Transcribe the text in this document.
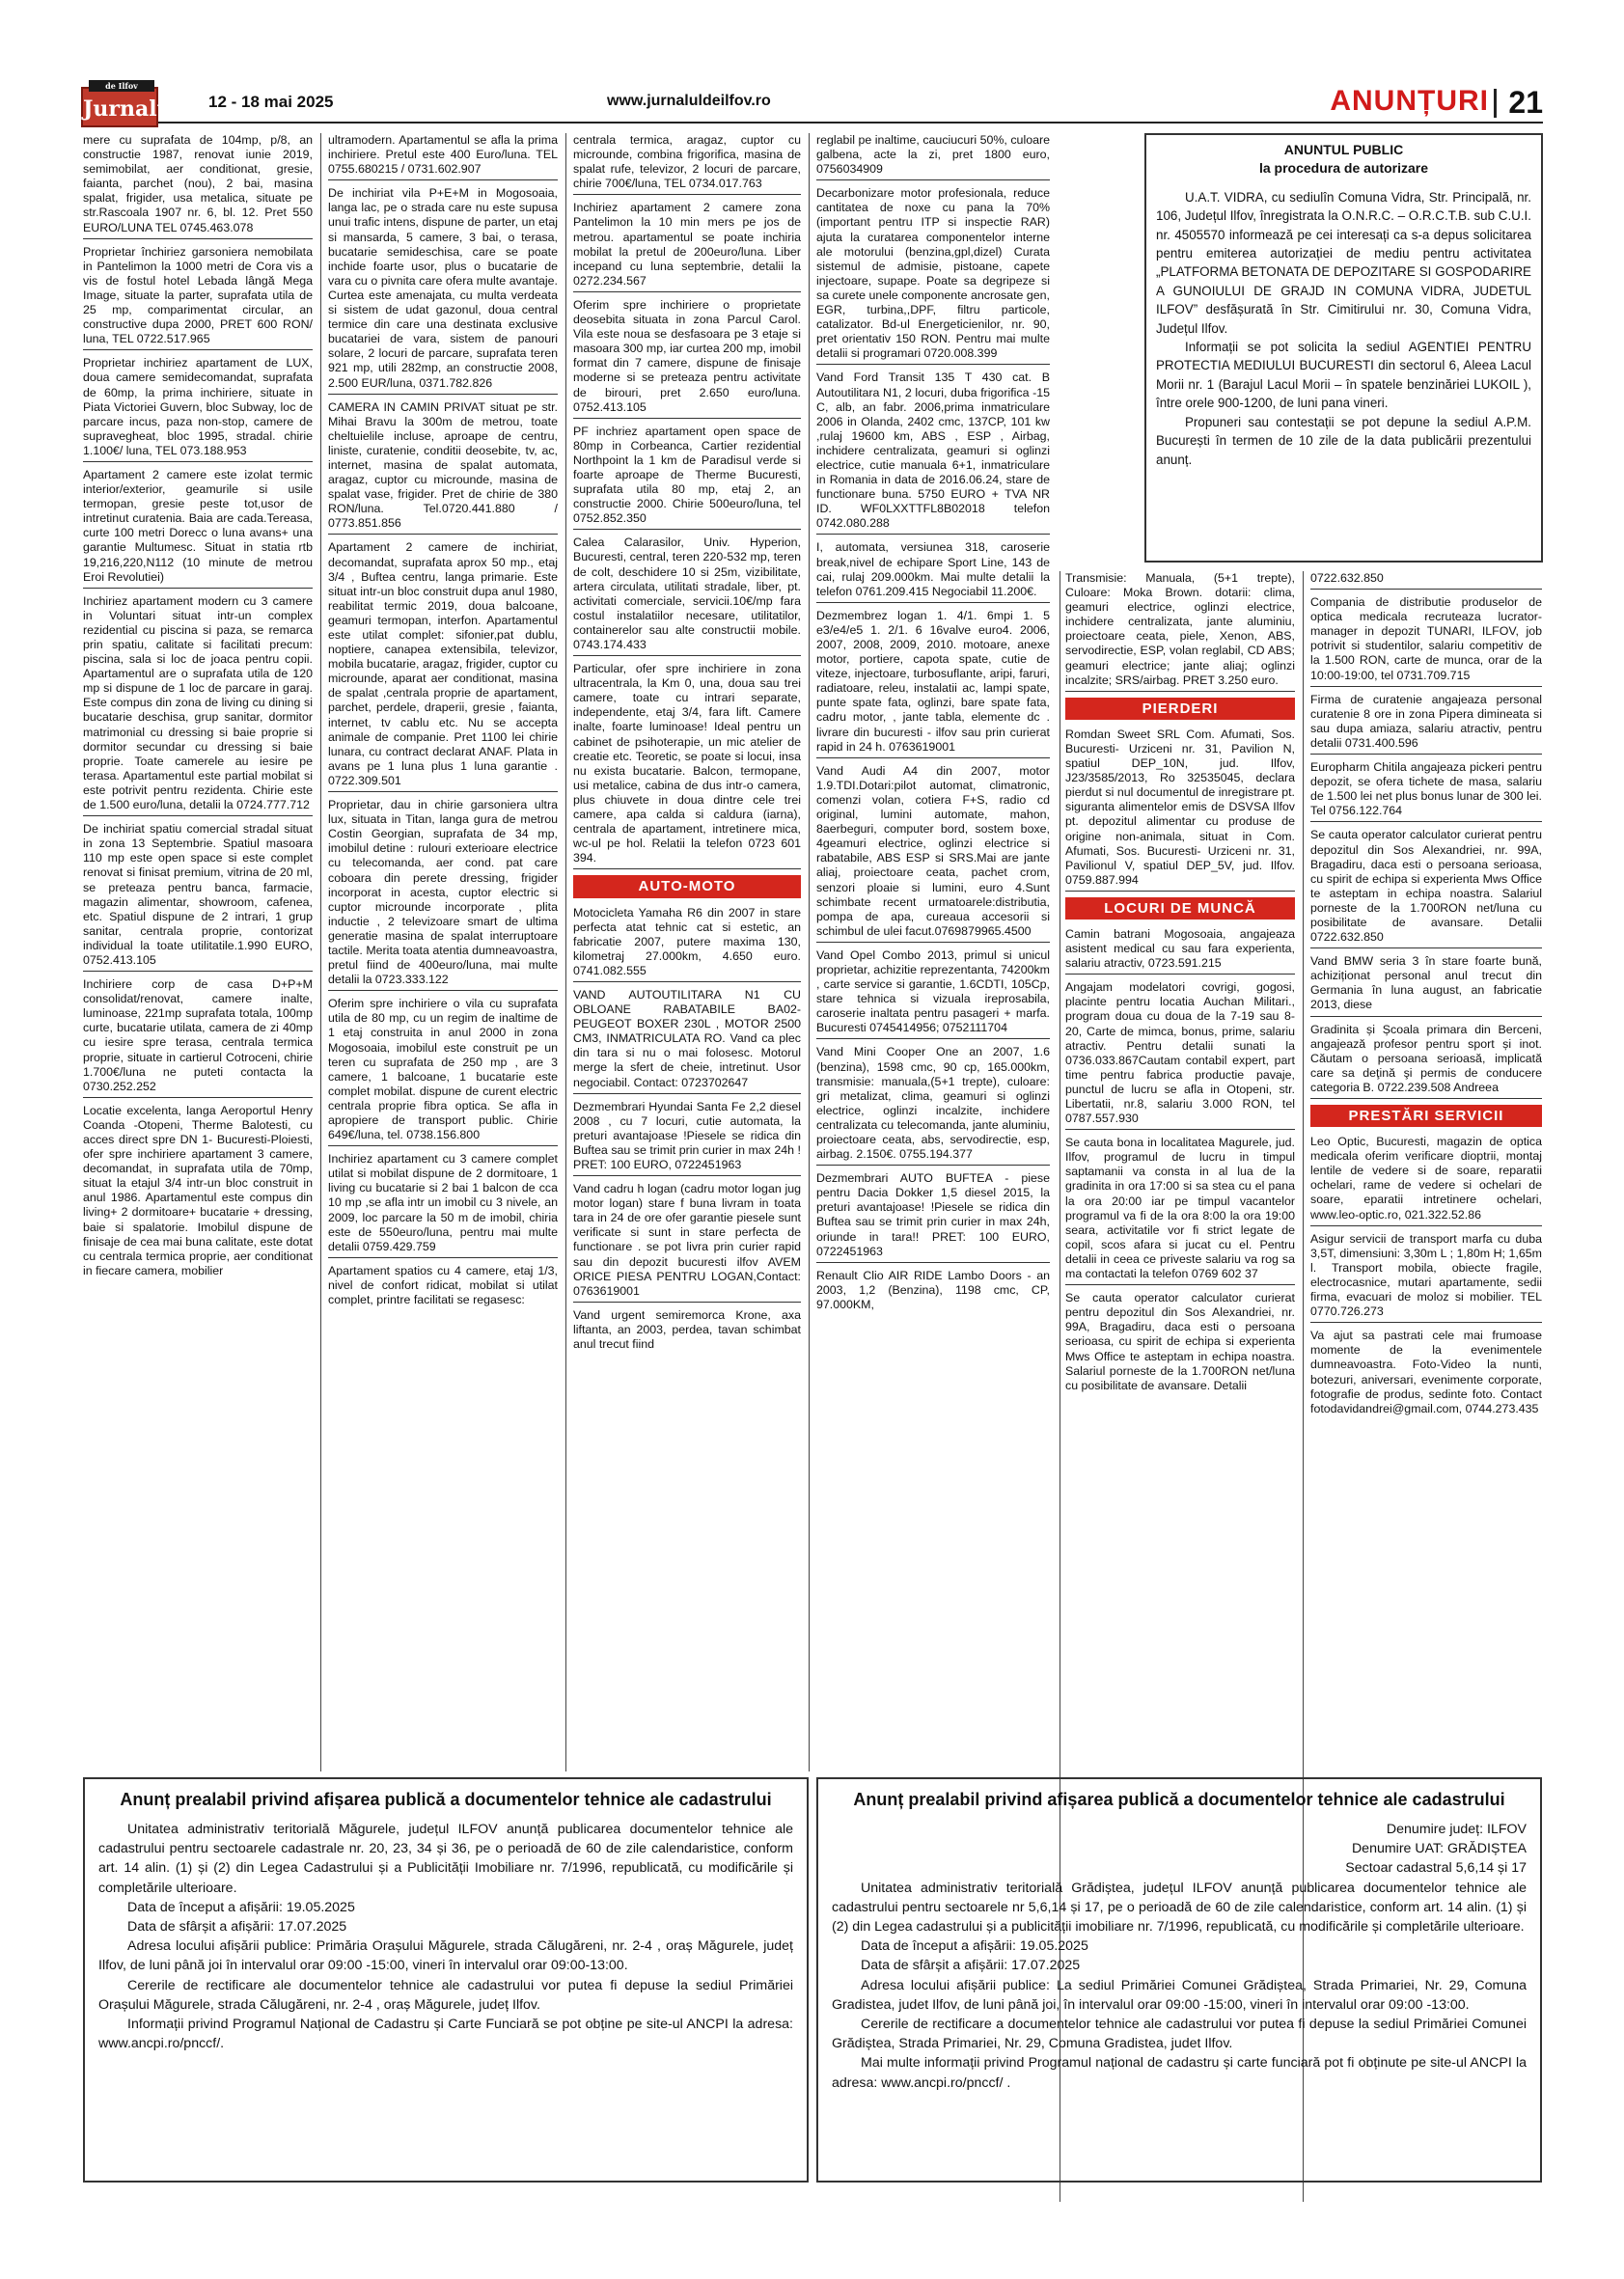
de Ilfov
Jurnalul 12 - 18 mai 2025	www.jurnaluldeilfov.ro	ANUNȚURI 21
mere cu suprafata de 104mp, p/8, an constructie 1987, renovat iunie 2019, semimobilat, aer conditionat, gresie, faianta, parchet (nou), 2 bai, masina spalat, frigider, usa metalica, situate pe str.Rascoala 1907 nr. 6, bl. 12. Pret 550 EURO/LUNA TEL 0745.463.078
Proprietar închiriez garsoniera nemobilata in Pantelimon la 1000 metri de Cora vis a vis de fostul hotel Lebada lângă Mega Image, situate la parter, suprafata utila de 25 mp, comparimentat circular, an constructive dupa 2000, PRET 600 RON/ luna, TEL 0722.517.965
Proprietar inchiriez apartament de LUX, doua camere semidecomandat, suprafata de 60mp, la prima inchiriere, situate in Piata Victoriei Guvern, bloc Subway, loc de parcare incus, paza non-stop, camere de supravegheat, bloc 1995, stradal. chirie 1.100€/ luna, TEL 073.188.953
Apartament 2 camere este izolat termic interior/exterior, geamurile si usile termopan, gresie peste tot,usor de intretinut curatenia. Baia are cada.Tereasa, curte 100 metri Dorecc o luna avans+ una garantie Multumesc. Situat in statia rtb 19,216,220,N112 (10 minute de metrou Eroi Revolutiei)
Inchiriez apartament modern cu 3 camere in Voluntari situat intr-un complex rezidential cu piscina si paza, se remarca prin spatiu, calitate si facilitati precum: piscina, sala si loc de joaca pentru copii. Apartamentul are o suprafata utila de 120 mp si dispune de 1 loc de parcare in garaj. Este compus din zona de living cu dining si bucatarie deschisa, grup sanitar, dormitor matrimonial cu dressing si baie proprie si dormitor secundar cu dressing si baie proprie. Toate camerele au iesire pe terasa. Apartamentul este partial mobilat si este potrivit pentru rezidenta. Chirie este de 1.500 euro/luna, detalii la 0724.777.712
De inchiriat spatiu comercial stradal situat in zona 13 Septembrie. Spatiul masoara 110 mp este open space si este complet renovat si finisat premium, vitrina de 20 ml, se preteaza pentru banca, farmacie, magazin alimentar, showroom, cafenea, etc. Spatiul dispune de 2 intrari, 1 grup sanitar, centrala proprie, contorizat individual la toate utilitatile.1.990 EURO, 0752.413.105
Inchiriere corp de casa D+P+M consolidat/renovat, camere inalte, luminoase, 221mp suprafata totala, 100mp curte, bucatarie utilata, camera de zi 40mp cu iesire spre terasa, centrala termica proprie, situate in cartierul Cotroceni, chirie 1.700€/luna ne puteti contacta la 0730.252.252
Locatie excelenta, langa Aeroportul Henry Coanda -Otopeni, Therme Balotesti, cu acces direct spre DN 1- Bucuresti-Ploiesti, ofer spre inchiriere apartament 3 camere, decomandat, in suprafata utila de 70mp, situat la etajul 3/4 intr-un bloc construit in anul 1986. Apartamentul este compus din living+ 2 dormitoare+ bucatarie + dressing, baie si spalatorie. Imobilul dispune de finisaje de cea mai buna calitate, este dotat cu centrala termica proprie, aer conditionat in fiecare camera, mobilier
ultramodern. Apartamentul se afla la prima inchiriere. Pretul este 400 Euro/luna. TEL 0755.680215 / 0731.602.907
De inchiriat vila P+E+M in Mogosoaia, langa lac, pe o strada care nu este supusa unui trafic intens, dispune de parter, un etaj si mansarda, 5 camere, 3 bai, o terasa, bucatarie semideschisa, care se poate inchide foarte usor, plus o bucatarie de vara cu o pivnita care ofera multe avantaje. Curtea este amenajata, cu multa verdeata si sistem de udat gazonul, doua central termice din care una destinata exclusive bucatariei de vara, sistem de panouri solare, 2 locuri de parcare, suprafata teren 921 mp, utili 282mp, an constructie 2008, 2.500 EUR/luna, 0371.782.826
CAMERA IN CAMIN PRIVAT situat pe str. Mihai Bravu la 300m de metrou, toate cheltuielile incluse, aproape de centru, liniste, curatenie, conditii deosebite, tv, ac, internet, masina de spalat automata, aragaz, cuptor cu microunde, masina de spalat vase, frigider. Pret de chirie de 380 RON/luna. Tel.0720.441.880 / 0773.851.856
Apartament 2 camere de inchiriat, decomandat, suprafata aprox 50 mp., etaj 3/4 , Buftea centru, langa primarie. Este situat intr-un bloc construit dupa anul 1980, reabilitat termic 2019, doua balcoane, geamuri termopan, interfon. Apartamentul este utilat complet: sifonier,pat dublu, noptiere, canapea extensibila, televizor, mobila bucatarie, aragaz, frigider, cuptor cu microunde, aparat aer conditionat, masina de spalat ,centrala proprie de apartament, parchet, perdele, draperii, gresie , faianta, internet, tv cablu etc. Nu se accepta animale de companie. Pret 1100 lei chirie lunara, cu contract declarat ANAF. Plata in avans pe 1 luna plus 1 luna garantie . 0722.309.501
Proprietar, dau in chirie garsoniera ultra lux, situata in Titan, langa gura de metrou Costin Georgian, suprafata de 34 mp, imobilul detine : rulouri exterioare electrice cu telecomanda, aer cond. pat care coboara din perete dressing, frigider incorporat in acesta, cuptor electric si cuptor microunde incorporate , plita inductie , 2 televizoare smart de ultima generatie masina de spalat interruptoare tactile. Merita toata atentia dumneavoastra, pretul fiind de 400euro/luna, mai multe detalii la 0723.333.122
Oferim spre inchiriere o vila cu suprafata utila de 80 mp, cu un regim de inaltime de 1 etaj construita in anul 2000 in zona Mogosoaia, imobilul este construit pe un teren cu suprafata de 250 mp , are 3 camere, 1 balcoane, 1 bucatarie este complet mobilat. dispune de curent electric centrala proprie fibra optica. Se afla in apropiere de transport public. Chirie 649€/luna, tel. 0738.156.800
Inchiriez apartament cu 3 camere complet utilat si mobilat dispune de 2 dormitoare, 1 living cu bucatarie si 2 bai 1 balcon de cca 10 mp ,se afla intr un imobil cu 3 nivele, an 2009, loc parcare la 50 m de imobil, chiria este de 550euro/luna, pentru mai multe detalii 0759.429.759
Apartament spatios cu 4 camere, etaj 1/3, nivel de confort ridicat, mobilat si utilat complet, printre facilitati se regasesc:
centrala termica, aragaz, cuptor cu microunde, combina frigorifica, masina de spalat rufe, televizor, 2 locuri de parcare, chirie 700€/luna, TEL 0734.017.763
Inchiriez apartament 2 camere zona Pantelimon la 10 min mers pe jos de metrou. apartamentul se poate inchiria mobilat la pretul de 200euro/luna. Liber incepand cu luna septembrie, detalii la 0272.234.567
Oferim spre inchiriere o proprietate deosebita situata in zona Parcul Carol. Vila este noua se desfasoara pe 3 etaje si masoara 300 mp, iar curtea 200 mp, imobil format din 7 camere, dispune de finisaje moderne si se preteaza pentru activitate de birouri, pret 2.650 euro/luna. 0752.413.105
PF inchriez apartament open space de 80mp in Corbeanca, Cartier rezidential Northpoint la 1 km de Paradisul verde si foarte aproape de Therme Bucuresti, suprafata utila 80 mp, etaj 2, an constructie 2000. Chirie 500euro/luna, tel 0752.852.350
Calea Calarasilor, Univ. Hyperion, Bucuresti, central, teren 220-532 mp, teren de colt, deschidere 10 si 25m, vizibilitate, artera circulata, utilitati stradale, liber, pt. activitati comerciale, servicii.10€/mp fara costul instalatiilor necesare, utilitatilor, containerelor sau alte constructii mobile. 0743.174.433
Particular, ofer spre inchiriere in zona ultracentrala, la Km 0, una, doua sau trei camere, toate cu intrari separate, independente, etaj 3/4, fara lift. Camere inalte, foarte luminoase! Ideal pentru un cabinet de psihoterapie, un mic atelier de creatie etc. Teoretic, se poate si locui, insa nu exista bucatarie. Balcon, termopane, usi metalice, cabina de dus intr-o camera, plus chiuvete in doua dintre cele trei camere, apa calda si caldura (iarna), centrala de apartament, intretinere mica, wc-ul pe hol. Relatii la telefon 0723 601 394.
AUTO-MOTO
Motocicleta Yamaha R6 din 2007 in stare perfecta atat tehnic cat si estetic, an fabricatie 2007, putere maxima 130, kilometraj 27.000km, 4.650 euro. 0741.082.555
VAND AUTOUTILITARA N1 CU OBLOANE RABATABILE BA02-PEUGEOT BOXER 230L , MOTOR 2500 CM3, INMATRICULATA RO. Vand ca plec din tara si nu o mai folosesc. Motorul merge la sfert de cheie, intretinut. Usor negociabil. Contact: 0723702647
Dezmembrari Hyundai Santa Fe 2,2 diesel 2008 , cu 7 locuri, cutie automata, la preturi avantajoase !Piesele se ridica din Buftea sau se trimit prin curier in max 24h ! PRET: 100 EURO, 0722451963
Vand cadru h logan (cadru motor logan jug motor logan) stare f buna livram in toata tara in 24 de ore ofer garantie piesele sunt verificate si sunt in stare perfecta de functionare . se pot livra prin curier rapid sau din depozit bucuresti ilfov AVEM ORICE PIESA PENTRU LOGAN,Contact: 0763619001
Vand urgent semiremorca Krone, axa liftanta, an 2003, perdea, tavan schimbat anul trecut fiind
reglabil pe inaltime, cauciucuri 50%, culoare galbena, acte la zi, pret 1800 euro, 0756034909
Decarbonizare motor profesionala, reduce cantitatea de noxe cu pana la 70%(important pentru ITP si inspectie RAR) ajuta la curatarea componentelor interne ale motorului (benzina,gpl,dizel) Curata sistemul de admisie, pistoane, capete injectoare, supape. Poate sa degripeze si sa curete unele componente ancrosate gen, EGR, turbina,,DPF, filtru particole, catalizator. Bd-ul Energeticienilor, nr. 90, pret orientativ 150 RON. Pentru mai multe detalii si programari 0720.008.399
Vand Ford Transit 135 T 430 cat. B Autoutilitara N1, 2 locuri, duba frigorifica -15 C, alb, an fabr. 2006,prima inmatriculare 2006 in Olanda, 2402 cmc, 137CP, 101 kw ,rulaj 19600 km, ABS , ESP , Airbag, inchidere centralizata, geamuri si oglinzi electrice, cutie manuala 6+1, inmatriculare in Romania in data de 2016.06.24, stare de functionare buna. 5750 EURO + TVA NR ID. WF0LXXTTFL8B02018 telefon 0742.080.288
I, automata, versiunea 318, caroserie break,nivel de echipare Sport Line, 143 de cai, rulaj 209.000km. Mai multe detalii la telefon 0761.209.415 Negociabil 11.200€.
Dezmembrez logan 1. 4/1. 6mpi 1. 5 e3/e4/e5 1. 2/1. 6 16valve euro4. 2006, 2007, 2008, 2009, 2010. motoare, anexe motor, portiere, capota spate, cutie de viteze, injectoare, turbosuflante, aripi, faruri, radiatoare, releu, instalatii ac, lampi spate, punte spate fata, oglinzi, bare spate fata, cadru motor, , jante tabla, elemente dc . livrare din bucuresti - ilfov sau prin curierat rapid in 24 h. 0763619001
Vand Audi A4 din 2007, motor 1.9.TDI.Dotari:pilot automat, climatronic, comenzi volan, cotiera F+S, radio cd original, lumini automate, mahon, 8aerbeguri, computer bord, sostem boxe, 4geamuri electrice, oglinzi electrice si rabatabile, ABS ESP si SRS.Mai are jante aliaj, proiectoare ceata, pachet crom, senzori ploaie si lumini, euro 4.Sunt schimbate recent urmatoarele:distributia, pompa de apa, cureaua accesorii si schimbul de ulei facut.0769879965.4500
Vand Opel Combo 2013, primul si unicul proprietar, achizitie reprezentanta, 74200km , carte service si garantie, 1.6CDTI, 105Cp, stare tehnica si vizuala ireprosabila, caroserie inaltata pentru pasageri + marfa. Bucuresti 0745414956; 0752111704
Vand Mini Cooper One an 2007, 1.6 (benzina), 1598 cmc, 90 cp, 165.000km, transmisie: manuala,(5+1 trepte), culoare: gri metalizat, clima, geamuri si oglinzi electrice, oglinzi incalzite, inchidere centralizata cu telecomanda, jante aluminiu, proiectoare ceata, abs, servodirectie, esp, airbag. 2.150€. 0755.194.377
Dezmembrari AUTO BUFTEA - piese pentru Dacia Dokker 1,5 diesel 2015, la preturi avantajoase! !Piesele se ridica din Buftea sau se trimit prin curier in max 24h, oriunde in tara!! PRET: 100 EURO, 0722451963
Renault Clio AIR RIDE Lambo Doors - an 2003, 1,2 (Benzina), 1198 cmc, CP, 97.000KM,
ANUNTUL PUBLIC
la procedura de autorizare

U.A.T. VIDRA, cu sediulîn Comuna Vidra, Str. Principală, nr. 106, Județul Ilfov, înregistrata la O.N.R.C. – O.R.C.T.B. sub C.U.I. nr. 4505570 informează pe cei interesați ca s-a depus solicitarea pentru emiterea autorizației de mediu pentru activitatea „PLATFORMA BETONATA DE DEPOZITARE SI GOSPODARIRE A GUNOIULUI DE GRAJD IN COMUNA VIDRA, JUDETUL ILFOV” desfășurată în Str. Cimitirului nr. 30, Comuna Vidra, Județul Ilfov.

Informații se pot solicita la sediul AGENTIEI PENTRU PROTECTIA MEDIULUI BUCURESTI din sectorul 6, Aleea Lacul Morii nr. 1 (Barajul Lacul Morii – în spatele benzinăriei LUKOIL ), între orele 900-1200, de luni pana vineri.

Propuneri sau contestații se pot depune la sediul A.P.M. București în termen de 10 zile de la data publicării prezentului anunț.

Transmisie: Manuala, (5+1 trepte), Culoare: Moka Brown. dotarii: clima, geamuri electrice, oglinzi electrice, inchidere centralizata, jante aluminiu, proiectoare ceata, piele, Xenon, ABS, servodirectie, ESP, volan reglabil, CD ABS; geamuri electrice; jante aliaj; oglinzi incalzite; SRS/airbag. PRET 3.250 euro.
PIERDERI
Romdan Sweet SRL Com. Afumati, Sos. Bucuresti- Urziceni nr. 31, Pavilion N, spatiul DEP_10N, jud. Ilfov, J23/3585/2013, Ro 32535045, declara pierdut si nul documentul de inregistrare pt. siguranta alimentelor emis de DSVSA Ilfov pt. depozitul alimentar cu produse de origine non-animala, situat in Com. Afumati, Sos. Bucuresti- Urziceni nr. 31, Pavilionul V, spatiul DEP_5V, jud. Ilfov. 0759.887.994
LOCURI DE MUNCĂ
Camin batrani Mogosoaia, angajeaza asistent medical cu sau fara experienta, salariu atractiv, 0723.591.215
Angajam modelatori covrigi, gogosi, placinte pentru locatia Auchan Militari., program doua cu doua de la 7-19 sau 8-20, Carte de mimca, bonus, prime, salariu atractiv. Pentru detalii sunati la 0736.033.867Cautam contabil expert, part time pentru fabrica productie pavaje, punctul de lucru se afla in Otopeni, str. Libertatii, nr.8, salariu 3.000 RON, tel 0787.557.930
Se cauta bona in localitatea Magurele, jud. Ilfov, programul de lucru in timpul saptamanii va consta in al lua de la gradinita in ora 17:00 si sa stea cu el pana la ora 20:00 iar pe timpul vacantelor programul va fi de la ora 8:00 la ora 19:00 seara, activitatile vor fi strict legate de copil, scos afara si jucat cu el. Pentru detalii in ceea ce priveste salariu va rog sa ma contactati la telefon 0769 602 37
Se cauta operator calculator curierat pentru depozitul din Sos Alexandriei, nr. 99A, Bragadiru, daca esti o persoana serioasa, cu spirit de echipa si experienta Mws Office te asteptam in echipa noastra. Salariul porneste de la 1.700RON net/luna cu posibilitate de avansare. Detalii
0722.632.850
Compania de distributie produselor de optica medicala recruteaza lucrator-manager in depozit TUNARI, ILFOV, job potrivit si studentilor, salariu competitiv de la 1.500 RON, carte de munca, orar de la 10:00-19:00, tel 0731.709.715
Firma de curatenie angajeaza personal curatenie 8 ore in zona Pipera dimineata si sau dupa amiaza, salariu atractiv, pentru detalii 0731.400.596
Europharm Chitila angajeaza pickeri pentru depozit, se ofera tichete de masa, salariu de 1.500 lei net plus bonus lunar de 300 lei. Tel 0756.122.764
Se cauta operator calculator curierat pentru depozitul din Sos Alexandriei, nr. 99A, Bragadiru, daca esti o persoana serioasa, cu spirit de echipa si experienta Mws Office te asteptam in echipa noastra. Salariul porneste de la 1.700RON net/luna cu posibilitate de avansare. Detalii 0722.632.850
Vand BMW seria 3 în stare foarte bună, achiziționat personal anul trecut din Germania în luna august, an fabricatie 2013, diese
Gradinita și Școala primara din Berceni, angajează profesor pentru sport și inot. Căutam o persoana serioasă, implicată care sa deţină şi permis de conducere categoria B. 0722.239.508 Andreea
PRESTĂRI SERVICII
Leo Optic, Bucuresti, magazin de optica medicala oferim verificare dioptrii, montaj lentile de vedere si de soare, reparatii ochelari, rame de vedere si ochelari de soare, eparatii intretinere ochelari, www.leo-optic.ro, 021.322.52.86
Asigur servicii de transport marfa cu duba 3,5T, dimensiuni: 3,30m L ; 1,80m H; 1,65m l. Transport mobila, obiecte fragile, electrocasnice, mutari apartamente, sedii firma, evacuari de moloz si mobilier. TEL 0770.726.273
Va ajut sa pastrati cele mai frumoase momente de la evenimentele dumneavoastra. Foto-Video la nunti, botezuri, aniversari, evenimente corporate, fotografie de produs, sedinte foto. Contact fotodavidandrei@gmail.com, 0744.273.435
Anunț prealabil privind afișarea publică a documentelor tehnice ale cadastrului

Unitatea administrativ teritorială Măgurele, județul ILFOV anunță publicarea documentelor tehnice ale cadastrului pentru sectoarele cadastrale nr. 20, 23, 34 și 36, pe o perioadă de 60 de zile calendaristice, conform art. 14 alin. (1) și (2) din Legea Cadastrului și a Publicității Imobiliare nr. 7/1996, republicată, cu modificările și completările ulterioare.

Data de început a afișării: 19.05.2025

Data de sfârșit a afișării: 17.07.2025

Adresa locului afișării publice: Primăria Orașului Măgurele, strada Călugăreni, nr. 2-4 , oraș Măgurele, județ Ilfov, de luni până joi în intervalul orar 09:00 -15:00, vineri în intervalul orar 09:00-13:00.

Cererile de rectificare ale documentelor tehnice ale cadastrului vor putea fi depuse la sediul Primăriei Orașului Măgurele, strada Călugăreni, nr. 2-4 , oraș Măgurele, județ Ilfov.

Informații privind Programul Național de Cadastru și Carte Funciară se pot obține pe site-ul ANCPI la adresa: www.ancpi.ro/pnccf/.

Anunț prealabil privind afișarea publică a documentelor tehnice ale cadastrului

Denumire județ: ILFOV

Denumire UAT: GRĂDIȘTEA

Sectoar cadastral 5,6,14 și 17

Unitatea administrativ teritorială Grădiștea, județul ILFOV anunță publicarea documentelor tehnice ale cadastrului pentru sectoarele nr 5,6,14 și 17, pe o perioadă de 60 de zile calendaristice, conform art. 14 alin. (1) și (2) din Legea cadastrului și a publicității imobiliare nr. 7/1996, republicată, cu modificările și completările ulterioare.

Data de început a afișării: 19.05.2025

Data de sfârșit a afișării: 17.07.2025

Adresa locului afișării publice: La sediul Primăriei Comunei Grădiștea, Strada Primariei, Nr. 29, Comuna Gradistea, judet Ilfov, de luni până joi, în intervalul orar 09:00 -15:00, vineri în intervalul orar 09:00 -13:00.

Cererile de rectificare a documentelor tehnice ale cadastrului vor putea fi depuse la sediul Primăriei Comunei Grădiștea, Strada Primariei, Nr. 29, Comuna Gradistea, judet Ilfov.

Mai multe informații privind Programul național de cadastru și carte funciară pot fi obținute pe site-ul ANCPI la adresa: www.ancpi.ro/pnccf/ .
